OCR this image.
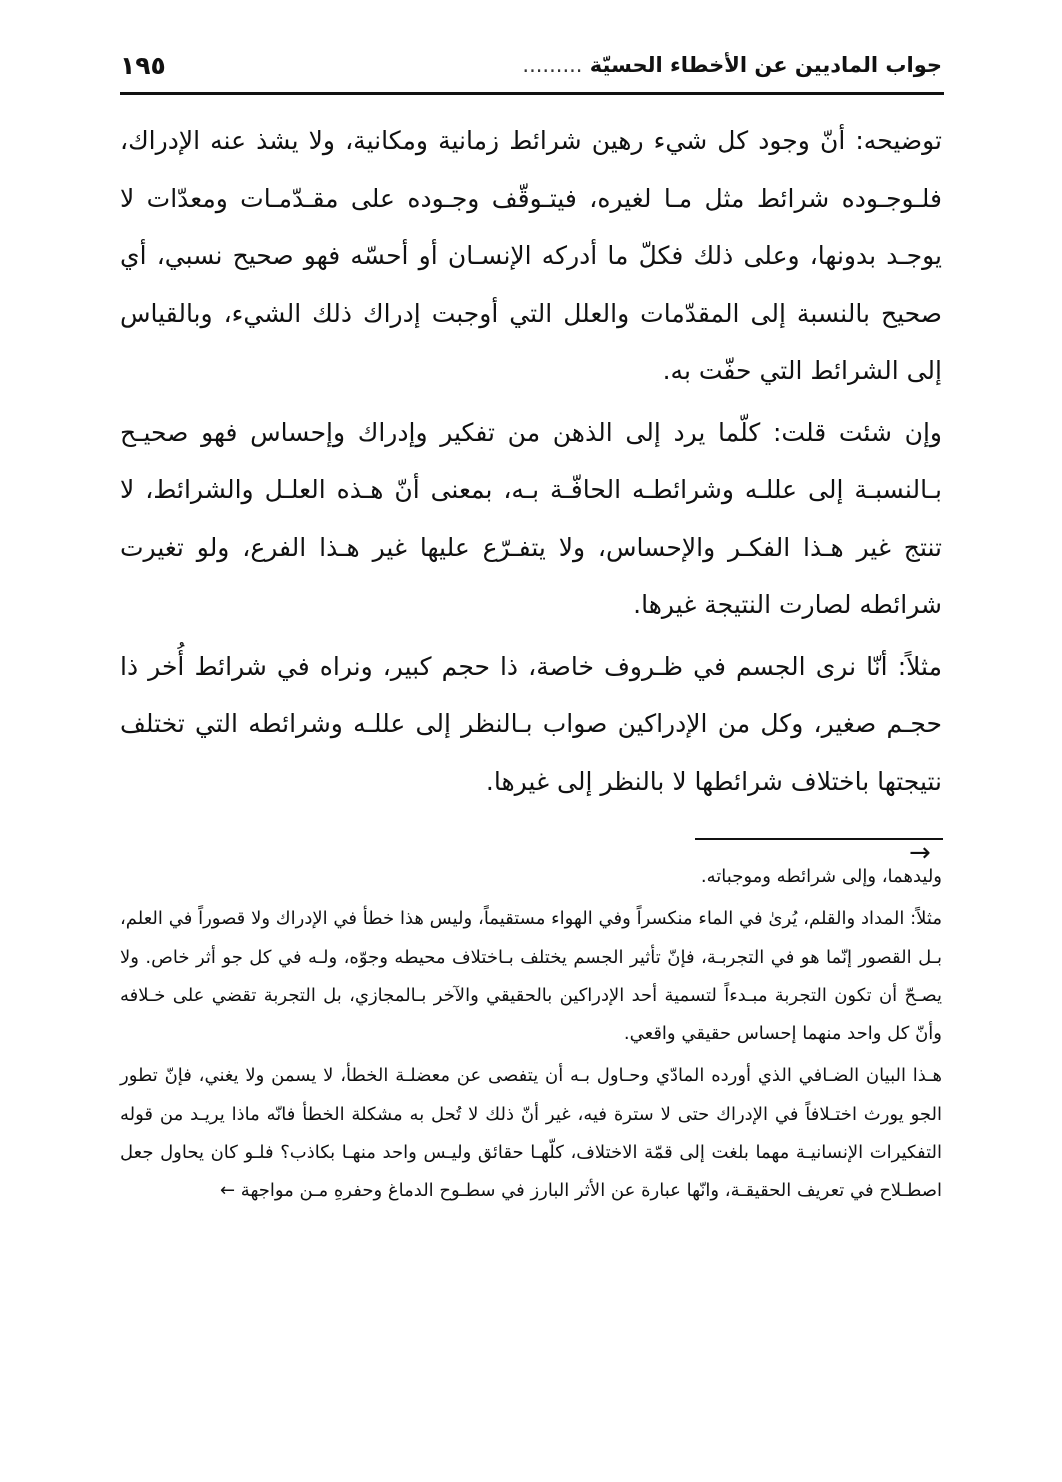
جواب الماديين عن الأخطاء الحسيّة .........
١٩٥

توضيحه: أنّ وجود كل شيء رهين شرائط زمانية ومكانية، ولا يشذ عنه الإدراك، فلـوجـوده شرائط مثل مـا لغيره، فيتـوقّف وجـوده على مقـدّمـات ومعدّات لا يوجـد بدونها، وعلى ذلك فكلّ ما أدركه الإنسـان أو أحسّه فهو صحيح نسبي، أي صحيح بالنسبة إلى المقدّمات والعلل التي أوجبت إدراك ذلك الشيء، وبالقياس إلى الشرائط التي حفّت به.

وإن شئت قلت: كلّما يرد إلى الذهن من تفكير وإدراك وإحساس فهو صحيـح بـالنسبـة إلى عللـه وشرائطـه الحافّـة بـه، بمعنى أنّ هـذه العلـل والشرائط، لا تنتج غير هـذا الفكـر والإحساس، ولا يتفـرّع عليها غير هـذا الفرع، ولو تغيرت شرائطه لصارت النتيجة غيرها.

مثلاً: أنّا نرى الجسم في ظـروف خاصة، ذا حجم كبير، ونراه في شرائط أُخر ذا حجـم صغير، وكل من الإدراكين صواب بـالنظر إلى عللـه وشرائطه التي تختلف نتيجتها باختلاف شرائطها لا بالنظر إلى غيرها.

→

وليدهما، وإلى شرائطه وموجباته.

مثلاً: المداد والقلم، يُرىٰ في الماء منكسراً وفي الهواء مستقيماً، وليس هذا خطأ في الإدراك ولا قصوراً في العلم، بـل القصور إنّما هو في التجربـة، فإنّ تأثير الجسم يختلف بـاختلاف محيطه وجوّه، ولـه في كل جو أثر خاص. ولا يصـحّ أن تكون التجربة مبـدءاً لتسمية أحد الإدراكين بالحقيقي والآخر بـالمجازي، بل التجربة تقضي على خـلافه وأنّ كل واحد منهما إحساس حقيقي واقعي.

هـذا البيان الضـافي الذي أورده المادّي وحـاول بـه أن يتفصى عن معضلـة الخطأ، لا يسمن ولا يغني، فإنّ تطور الجو يورث اختـلافاً في الإدراك حتى لا سترة فيه، غير أنّ ذلك لا تُحل به مشكلة الخطأ فانّه ماذا يريـد من قوله التفكيرات الإنسانيـة مهما بلغت إلى قمّة الاختلاف، كلّهـا حقائق وليـس واحد منهـا بكاذب؟ فلـو كان يحاول جعل اصطـلاح في تعريف الحقيقـة، وانّها عبارة عن الأثر البارز في سطـوح الدماغ وحفرهِ مـن مواجهة ←
